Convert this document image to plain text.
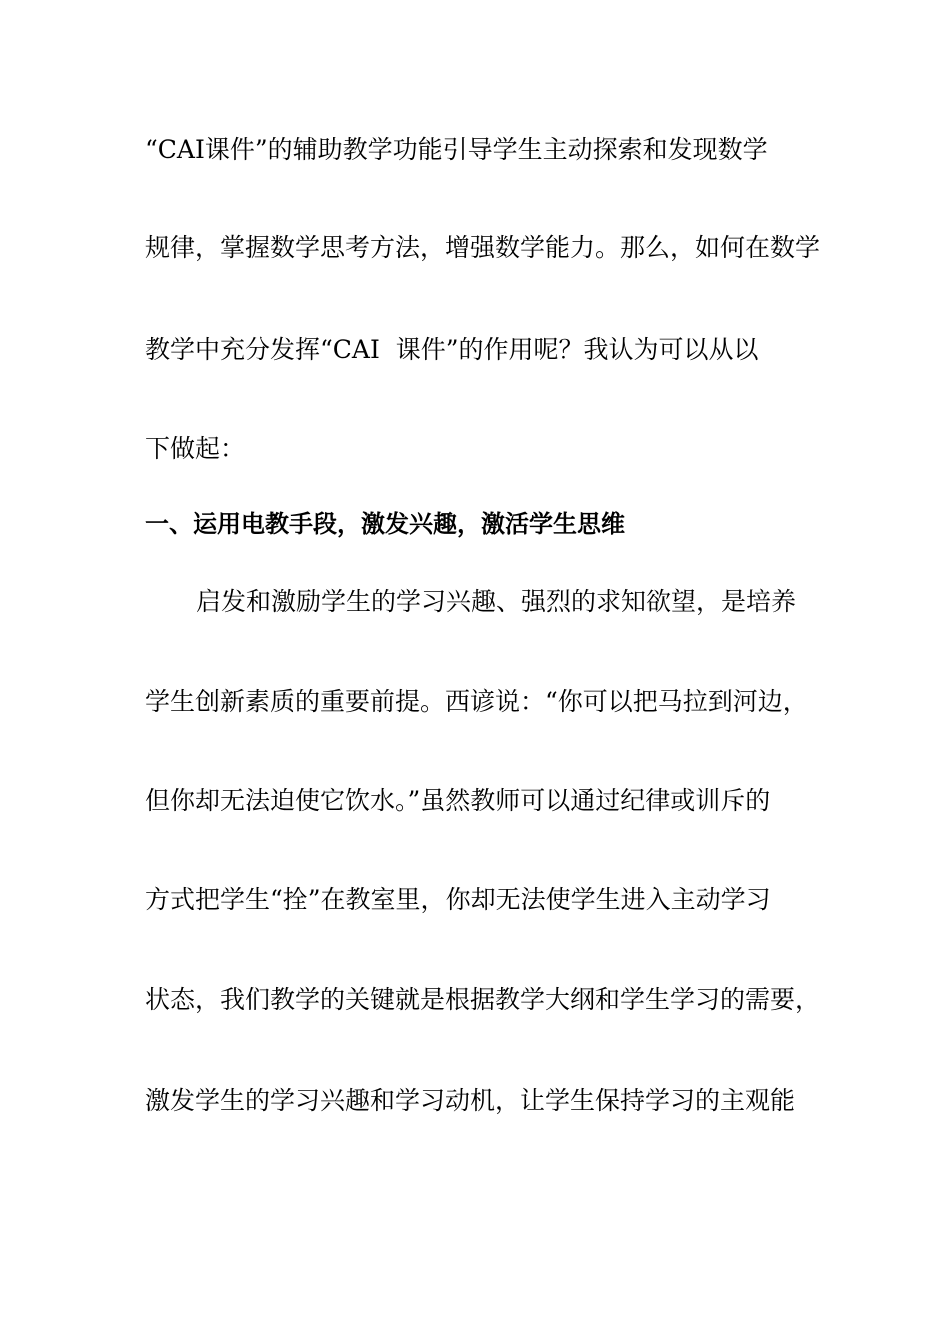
“CAI课件”的辅助教学功能引导学生主动探索和发现数学
规律，掌握数学思考方法，增强数学能力。那么，如何在数学
教学中充分发挥“CAI  课件”的作用呢？我认为可以从以
下做起：
一、运用电教手段，激发兴趣，激活学生思维
启发和激励学生的学习兴趣、强烈的求知欲望，是培养
学生创新素质的重要前提。西谚说：“你可以把马拉到河边，
但你却无法迫使它饮水。”虽然教师可以通过纪律或训斥的
方式把学生“拴”在教室里，你却无法使学生进入主动学习
状态，我们教学的关键就是根据教学大纲和学生学习的需要，
激发学生的学习兴趣和学习动机，让学生保持学习的主观能
